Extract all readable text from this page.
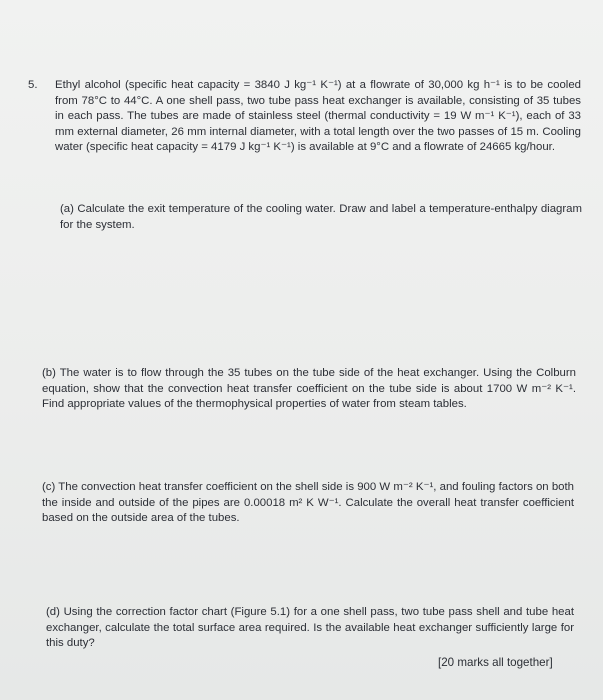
5. Ethyl alcohol (specific heat capacity = 3840 J kg⁻¹ K⁻¹) at a flowrate of 30,000 kg h⁻¹ is to be cooled from 78°C to 44°C. A one shell pass, two tube pass heat exchanger is available, consisting of 35 tubes in each pass. The tubes are made of stainless steel (thermal conductivity = 19 W m⁻¹ K⁻¹), each of 33 mm external diameter, 26 mm internal diameter, with a total length over the two passes of 15 m. Cooling water (specific heat capacity = 4179 J kg⁻¹ K⁻¹) is available at 9°C and a flowrate of 24665 kg/hour.

(a) Calculate the exit temperature of the cooling water. Draw and label a temperature-enthalpy diagram for the system.

(b) The water is to flow through the 35 tubes on the tube side of the heat exchanger. Using the Colburn equation, show that the convection heat transfer coefficient on the tube side is about 1700 W m⁻² K⁻¹. Find appropriate values of the thermophysical properties of water from steam tables.

(c) The convection heat transfer coefficient on the shell side is 900 W m⁻² K⁻¹, and fouling factors on both the inside and outside of the pipes are 0.00018 m² K W⁻¹. Calculate the overall heat transfer coefficient based on the outside area of the tubes.

(d) Using the correction factor chart (Figure 5.1) for a one shell pass, two tube pass shell and tube heat exchanger, calculate the total surface area required. Is the available heat exchanger sufficiently large for this duty?

[20 marks all together]
